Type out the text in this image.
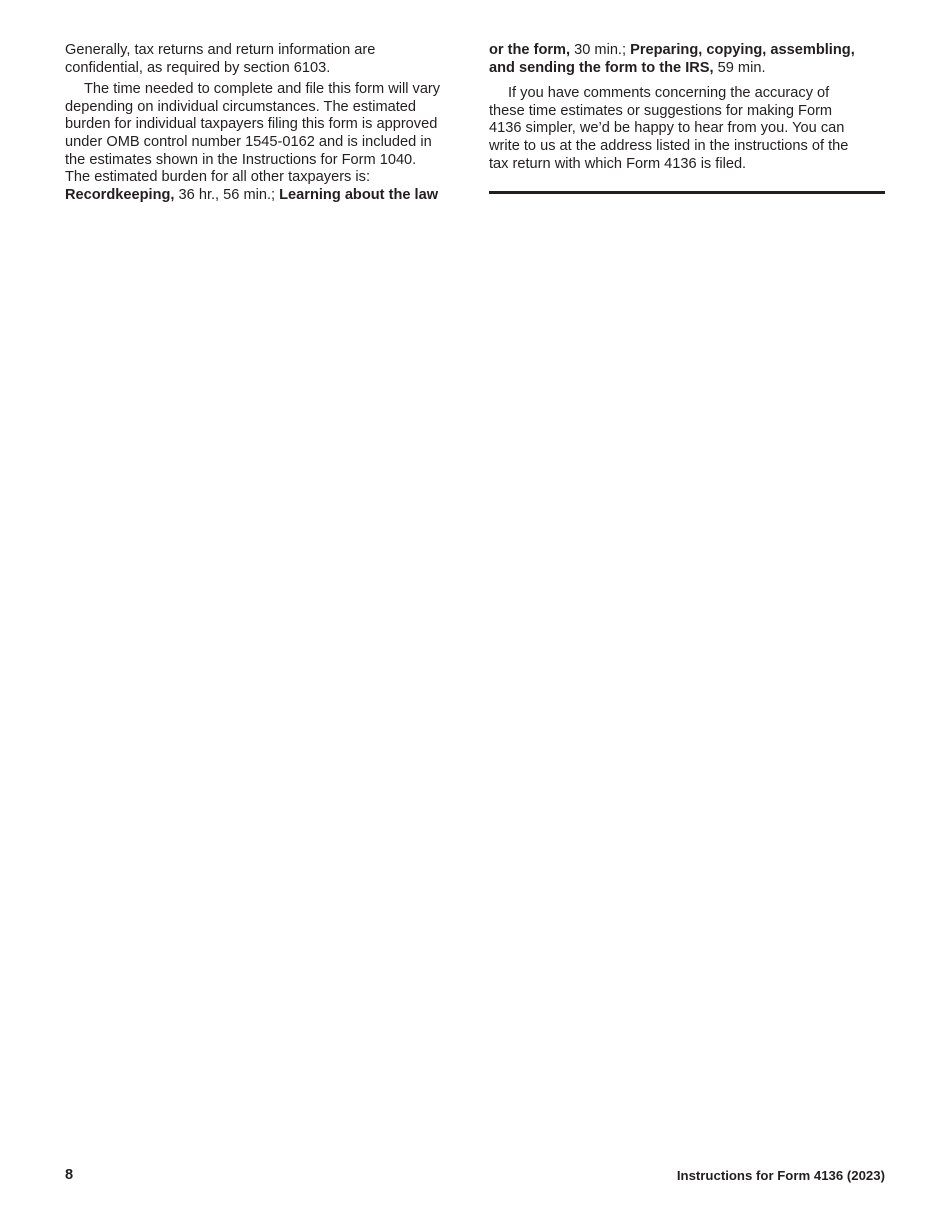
Generally, tax returns and return information are
confidential, as required by section 6103.

The time needed to complete and file this form will vary
depending on individual circumstances. The estimated
burden for individual taxpayers filing this form is approved
under OMB control number 1545-0162 and is included in
the estimates shown in the Instructions for Form 1040.
The estimated burden for all other taxpayers is:
Recordkeeping, 36 hr., 56 min.; Learning about the law

or the form, 30 min.; Preparing, copying, assembling,
and sending the form to the IRS, 59 min.

If you have comments concerning the accuracy of
these time estimates or suggestions for making Form
4136 simpler, we’d be happy to hear from you. You can
write to us at the address listed in the instructions of the
tax return with which Form 4136 is filed.

8	Instructions for Form 4136 (2023)
